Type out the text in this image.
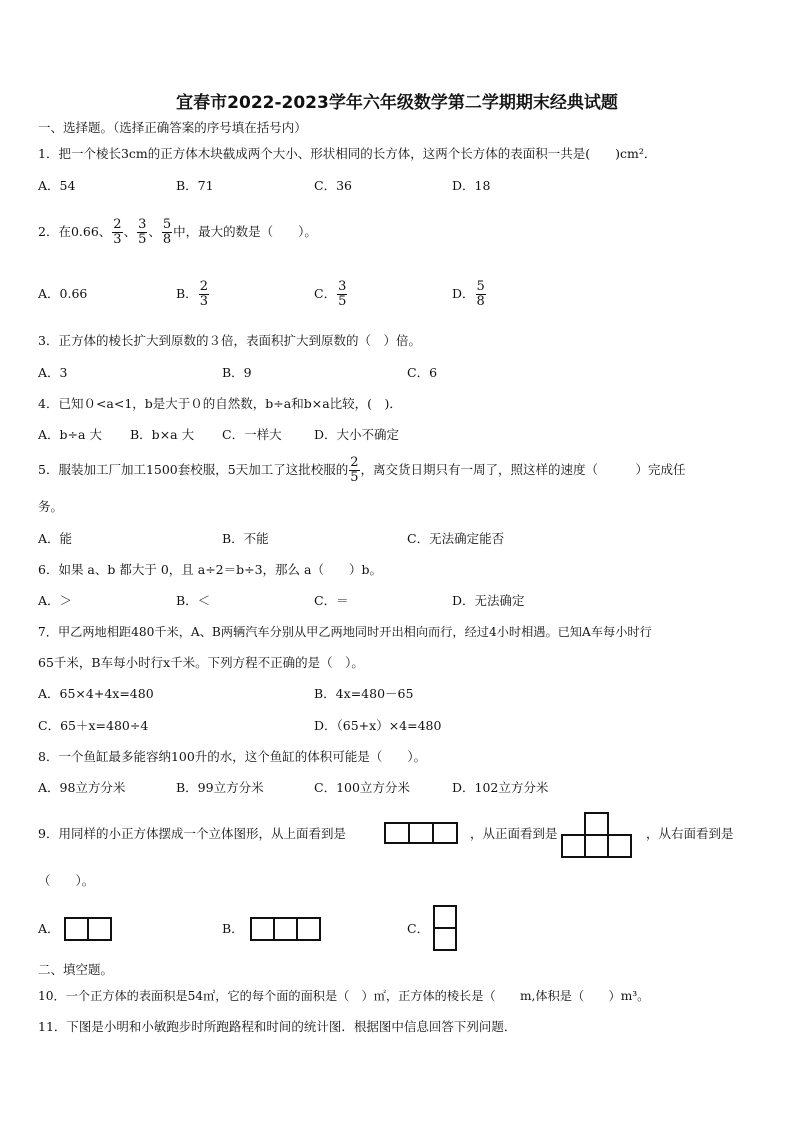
宜春市2022-2023学年六年级数学第二学期期末经典试题
一、选择题。（选择正确答案的序号填在括号内）
1．把一个棱长3cm的正方体木块截成两个大小、形状相同的长方体，这两个长方体的表面积一共是(　　)cm²．
A．54	B．71	C．36	D．18
2．在0.66、 $\frac{2}{3}$ 、 $\frac{3}{5}$ 、 $\frac{5}{8}$ 中，最大的数是（　　）。
A．0.66	B． $\frac{2}{3}$	C． $\frac{3}{5}$	D． $\frac{5}{8}$
3．正方体的棱长扩大到原数的３倍，表面积扩大到原数的（　）倍。
A．3	B．9	C．6
4．已知０<a<1，b是大于０的自然数，b÷a和b×a比较，(　)．
A．b÷a 大 B．b×a 大 C．一样大	D．大小不确定
5．服装加工厂加工1500套校服，5天加工了这批校服的 $\frac{2}{5}$ ，离交货日期只有一周了，照这样的速度（　　　）完成任
务。
A．能	B．不能	C．无法确定能否
6．如果 a、b 都大于 0，且 a÷2＝b÷3，那么 a（　　）b。
A．＞	B．＜	C．＝	D．无法确定
7．甲乙两地相距480千米，A、B两辆汽车分别从甲乙两地同时开出相向而行，经过4小时相遇。已知A车每小时行
65千米，B车每小时行x千米。下列方程不正确的是（　）。
A．65×4+4x=480	B．4x=480－65
C．65＋x=480÷4	D．（65+x）×4=480
8．一个鱼缸最多能容纳100升的水，这个鱼缸的体积可能是（　　）。
A．98立方分米	B．99立方分米	C．100立方分米	D．102立方分米
9．用同样的小正方体摆成一个立体图形，从上面看到是	，从正面看到是	，从右面看到是
（　　）。
A．	B．	C．
二、填空题。
10．一个正方体的表面积是54㎡，它的每个面的面积是（　）㎡，正方体的棱长是（　　m,体积是（　　）m³。
11．下图是小明和小敏跑步时所跑路程和时间的统计图．根据图中信息回答下列问题．
